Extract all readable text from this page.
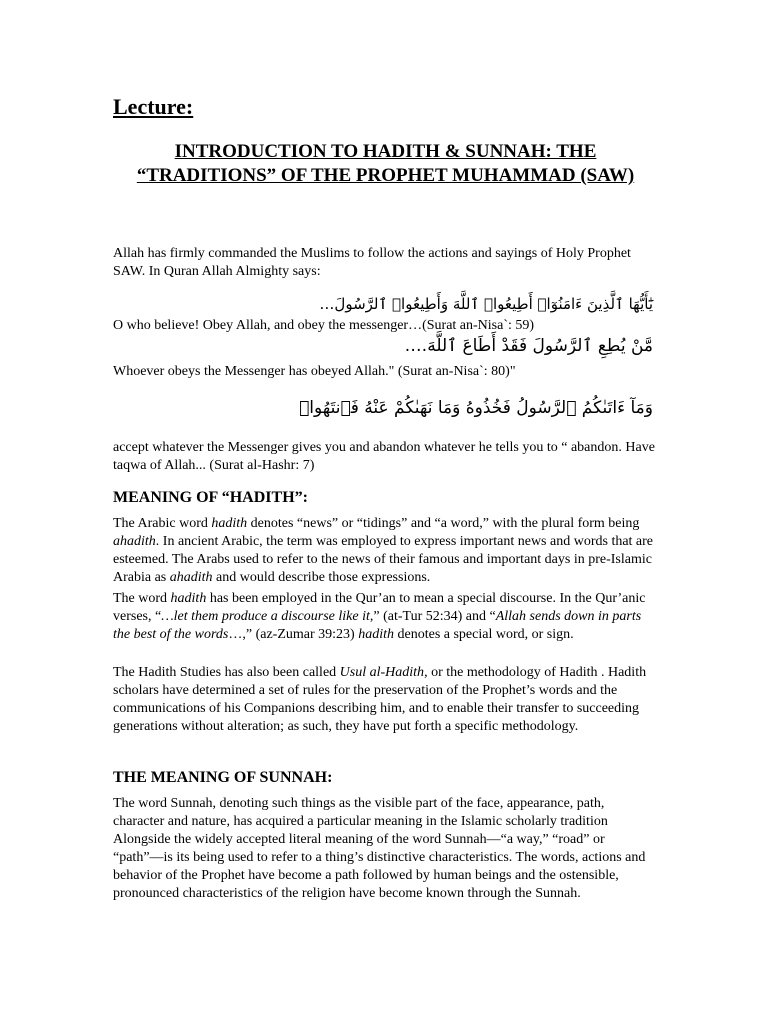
Lecture:

INTRODUCTION TO HADITH & SUNNAH: THE
“TRADITIONS” OF THE PROPHET MUHAMMAD (SAW)

Allah has firmly commanded the Muslims to follow the actions and sayings of Holy Prophet SAW. In Quran Allah Almighty says:

يَٰٓأَيُّهَا ٱلَّذِينَ ءَامَنُوٓا۟ أَطِيعُوا۟ ٱللَّهَ وَأَطِيعُوا۟ ٱلرَّسُولَ…

O who believe! Obey Allah, and obey the messenger…(Surat an-Nisa`: 59)

مَّنْ يُطِعِ ٱلرَّسُولَ فَقَدْ أَطَاعَ ٱللَّهَ….

Whoever obeys the Messenger has obeyed Allah." (Surat an-Nisa`: 80)"

وَمَآ ءَاتَىٰكُمُ ٱلرَّسُولُ فَخُذُوهُ وَمَا نَهَىٰكُمْ عَنْهُ فَٱنتَهُوا۟

accept whatever the Messenger gives you and abandon whatever he tells you to “ abandon. Have taqwa of Allah... (Surat al-Hashr: 7)

MEANING OF “HADITH”:

The Arabic word hadith denotes “news” or “tidings” and “a word,” with the plural form being ahadith. In ancient Arabic, the term was employed to express important news and words that are esteemed. The Arabs used to refer to the news of their famous and important days in pre-Islamic Arabia as ahadith and would describe those expressions.

The word hadith has been employed in the Qur’an to mean a special discourse. In the Qur’anic verses, “…let them produce a discourse like it,” (at-Tur 52:34) and “Allah sends down in parts the best of the words…,” (az-Zumar 39:23) hadith denotes a special word, or sign.

The Hadith Studies has also been called Usul al-Hadith, or the methodology of Hadith . Hadith scholars have determined a set of rules for the preservation of the Prophet’s words and the communications of his Companions describing him, and to enable their transfer to succeeding generations without alteration; as such, they have put forth a specific methodology.

THE MEANING OF SUNNAH:

The word Sunnah, denoting such things as the visible part of the face, appearance, path, character and nature, has acquired a particular meaning in the Islamic scholarly tradition Alongside the widely accepted literal meaning of the word Sunnah—“a way,” “road” or “path”—is its being used to refer to a thing’s distinctive characteristics. The words, actions and behavior of the Prophet have become a path followed by human beings and the ostensible, pronounced characteristics of the religion have become known through the Sunnah.
